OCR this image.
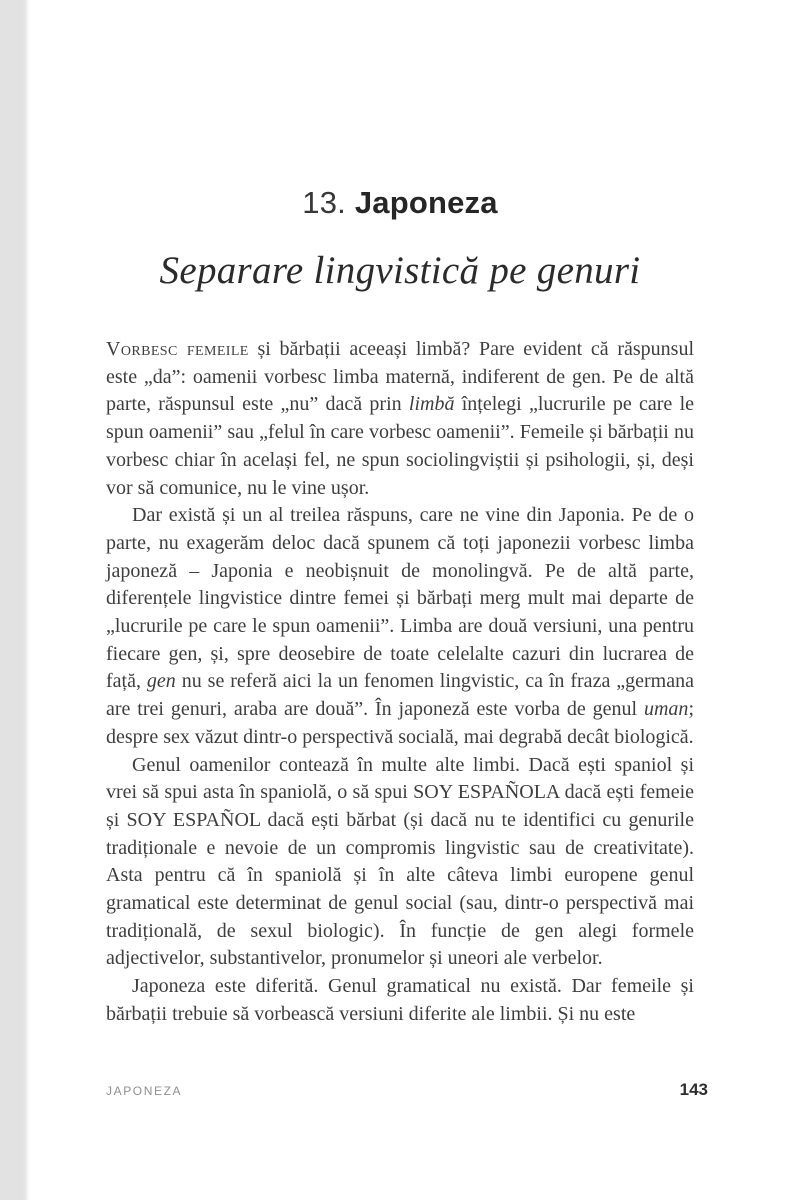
13. Japoneza
Separare lingvistică pe genuri

Vorbesc femeile și bărbații aceeași limbă? Pare evident că răspunsul este „da”: oamenii vorbesc limba maternă, indiferent de gen. Pe de altă parte, răspunsul este „nu” dacă prin limbă înțelegi „lucrurile pe care le spun oamenii” sau „felul în care vorbesc oamenii”. Femeile și bărbații nu vorbesc chiar în același fel, ne spun sociolingviștii și psihologii, și, deși vor să comunice, nu le vine ușor.

Dar există și un al treilea răspuns, care ne vine din Japonia. Pe de o parte, nu exagerăm deloc dacă spunem că toți japonezii vorbesc limba japoneză – Japonia e neobișnuit de monolingvă. Pe de altă parte, diferențele lingvistice dintre femei și bărbați merg mult mai departe de „lucrurile pe care le spun oamenii”. Limba are două versiuni, una pentru fiecare gen, și, spre deosebire de toate celelalte cazuri din lucrarea de față, gen nu se referă aici la un fenomen lingvistic, ca în fraza „germana are trei genuri, araba are două”. În japoneză este vorba de genul uman; despre sex văzut dintr-o perspectivă socială, mai degrabă decât biologică.

Genul oamenilor contează în multe alte limbi. Dacă ești spaniol și vrei să spui asta în spaniolă, o să spui SOY ESPAÑOLA dacă ești femeie și SOY ESPAÑOL dacă ești bărbat (și dacă nu te identifici cu genurile tradiționale e nevoie de un compromis lingvistic sau de creativitate). Asta pentru că în spaniolă și în alte câteva limbi europene genul gramatical este determinat de genul social (sau, dintr-o perspectivă mai tradițională, de sexul biologic). În funcție de gen alegi formele adjectivelor, substantivelor, pronumelor și uneori ale verbelor.

Japoneza este diferită. Genul gramatical nu există. Dar femeile și bărbații trebuie să vorbească versiuni diferite ale limbii. Și nu este

JAPONEZA	143
